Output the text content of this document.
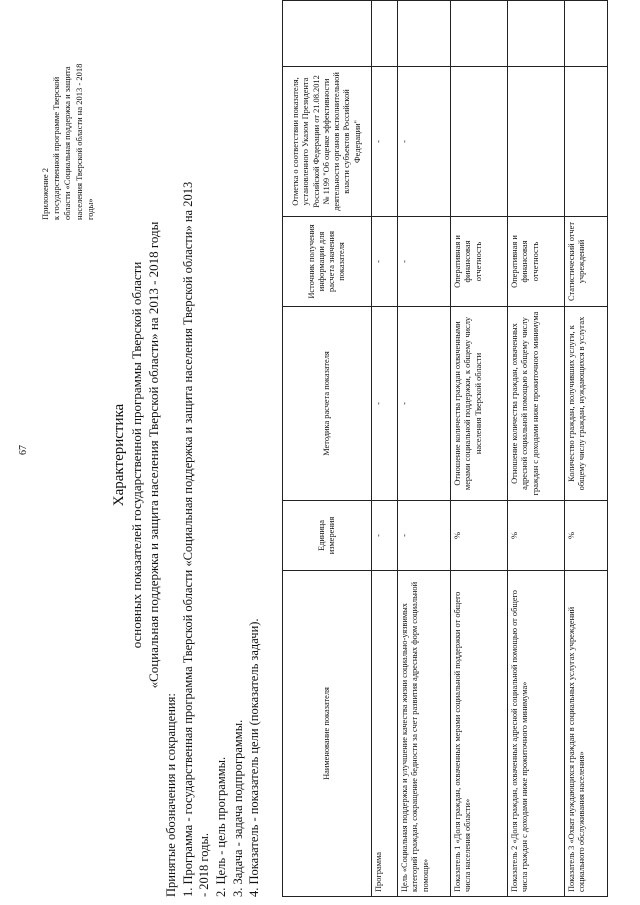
67
Приложение 2 к государственной программе Тверской области «Социальная поддержка и защита населения Тверской области на 2013 - 2018 годы»
Характеристика основных показателей государственной программы Тверской области «Социальная поддержка и защита населения Тверской области» на 2013 - 2018 годы
Принятые обозначения и сокращения: 1. Программа - государственная программа Тверской области «Социальная поддержка и защита населения Тверской области» на 2013 - 2018 годы. 2. Цель - цель программы. 3. Задача - задача подпрограммы. 4. Показатель - показатель цели (показатель задачи).	Наименование показателя	Единица измерения	Методика расчета показателя	Источник получения информации для расчета значения показателя	Отметка о соответствии показателя, установленного Указом Президента Российской Федерации от 21.08.2012 № 1199 "Об оценке эффективности деятельности органов исполнительной власти субъектов Российской Федерации"	
Программа	-	-	-	-	
Цель «Социальная поддержка и улучшение качества жизни социально-уязвимых категорий граждан, сокращение бедности за счет развития адресных форм социальной помощи»	-	-	-	-	
Показатель 1 «Доля граждан, охваченных мерами социальной поддержки от общего числа населения области»	%	Отношение количества граждан охваченными мерами социальной поддержки, к общему числу населения Тверской области	Оперативная и финансовая отчетность		
Показатель 2 «Доля граждан, охваченных адресной социальной помощью от общего числа граждан с доходами ниже прожиточного минимума»	%	Отношение количества граждан, охваченных адресной социальной помощью к общему числу граждан с доходами ниже прожиточного минимума	Оперативная и финансовая отчетность		
Показатель 3 «Охват нуждающихся граждан в социальных услугах учреждений социального обслуживания населения»	%	Количество граждан, получивших услуги, к общему числу граждан, нуждающихся в услугах	Статистический отчет учреждений		
